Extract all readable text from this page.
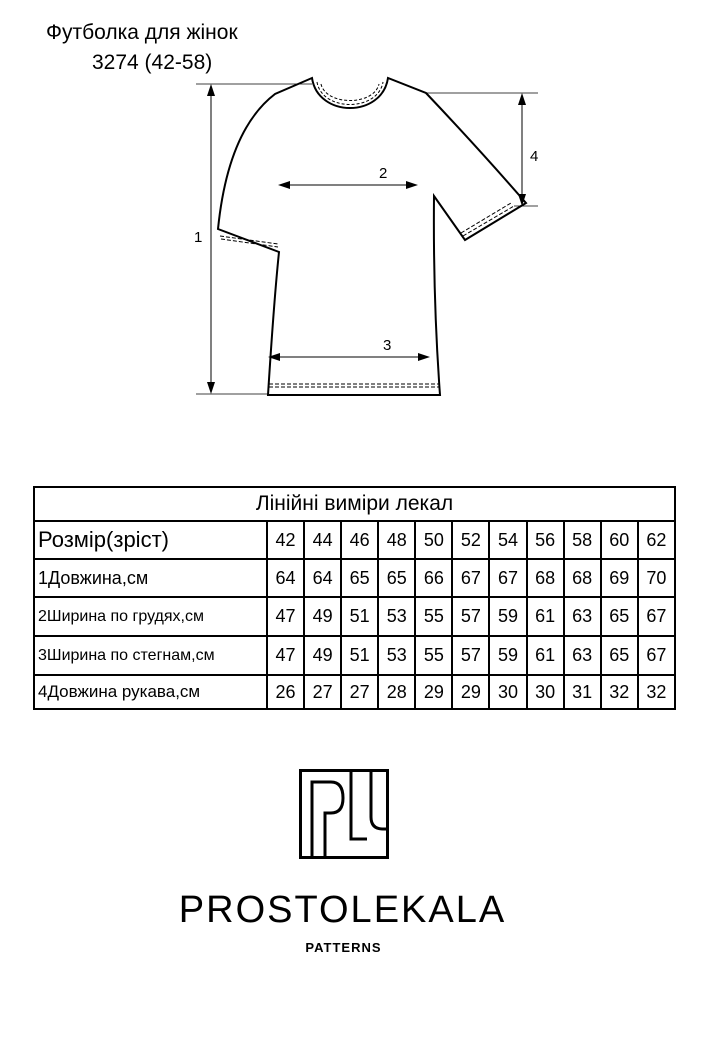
Футболка для жінок
3274 (42-58)
1
2
3
4
Лінійні виміри лекал											
Розмір(зріст)	42	44	46	48	50	52	54	56	58	60	62
1Довжина,см	64	64	65	65	66	67	67	68	68	69	70
2Ширина по грудях,см	47	49	51	53	55	57	59	61	63	65	67
3Ширина по стегнам,см	47	49	51	53	55	57	59	61	63	65	67
4Довжина рукава,см	26	27	27	28	29	29	30	30	31	32	32
PROSTOLEKALA
PATTERNS
